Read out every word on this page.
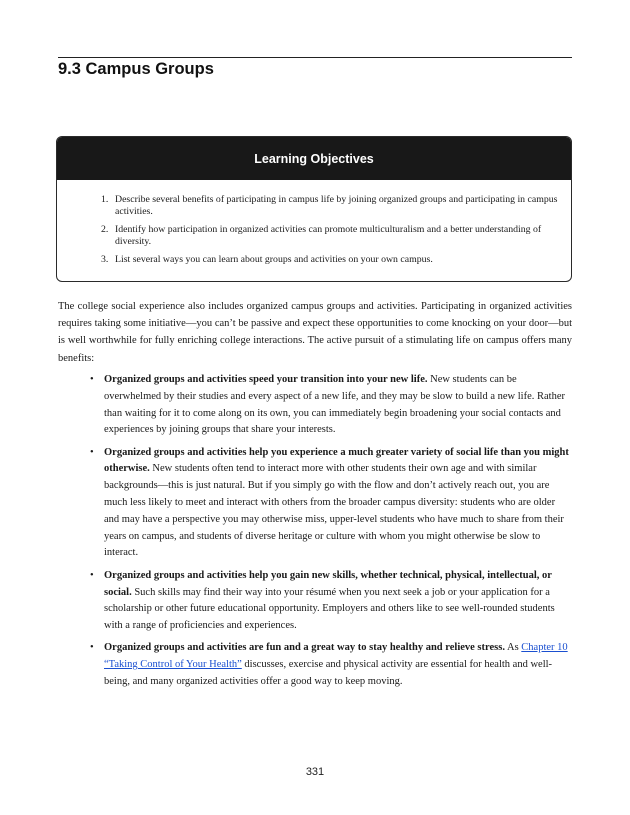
9.3 Campus Groups
Learning Objectives
1. Describe several benefits of participating in campus life by joining organized groups and participating in campus activities.
2. Identify how participation in organized activities can promote multiculturalism and a better understanding of diversity.
3. List several ways you can learn about groups and activities on your own campus.

The college social experience also includes organized campus groups and activities. Participating in organized activities requires taking some initiative—you can’t be passive and expect these opportunities to come knocking on your door—but is well worthwhile for fully enriching college interactions. The active pursuit of a stimulating life on campus offers many benefits:

• Organized groups and activities speed your transition into your new life. New students can be overwhelmed by their studies and every aspect of a new life, and they may be slow to build a new life. Rather than waiting for it to come along on its own, you can immediately begin broadening your social contacts and experiences by joining groups that share your interests.
• Organized groups and activities help you experience a much greater variety of social life than you might otherwise. New students often tend to interact more with other students their own age and with similar backgrounds—this is just natural. But if you simply go with the flow and don’t actively reach out, you are much less likely to meet and interact with others from the broader campus diversity: students who are older and may have a perspective you may otherwise miss, upper-level students who have much to share from their years on campus, and students of diverse heritage or culture with whom you might otherwise be slow to interact.
• Organized groups and activities help you gain new skills, whether technical, physical, intellectual, or social. Such skills may find their way into your résumé when you next seek a job or your application for a scholarship or other future educational opportunity. Employers and others like to see well-rounded students with a range of proficiencies and experiences.
• Organized groups and activities are fun and a great way to stay healthy and relieve stress. As Chapter 10 “Taking Control of Your Health” discusses, exercise and physical activity are essential for health and well-being, and many organized activities offer a good way to keep moving.
331
